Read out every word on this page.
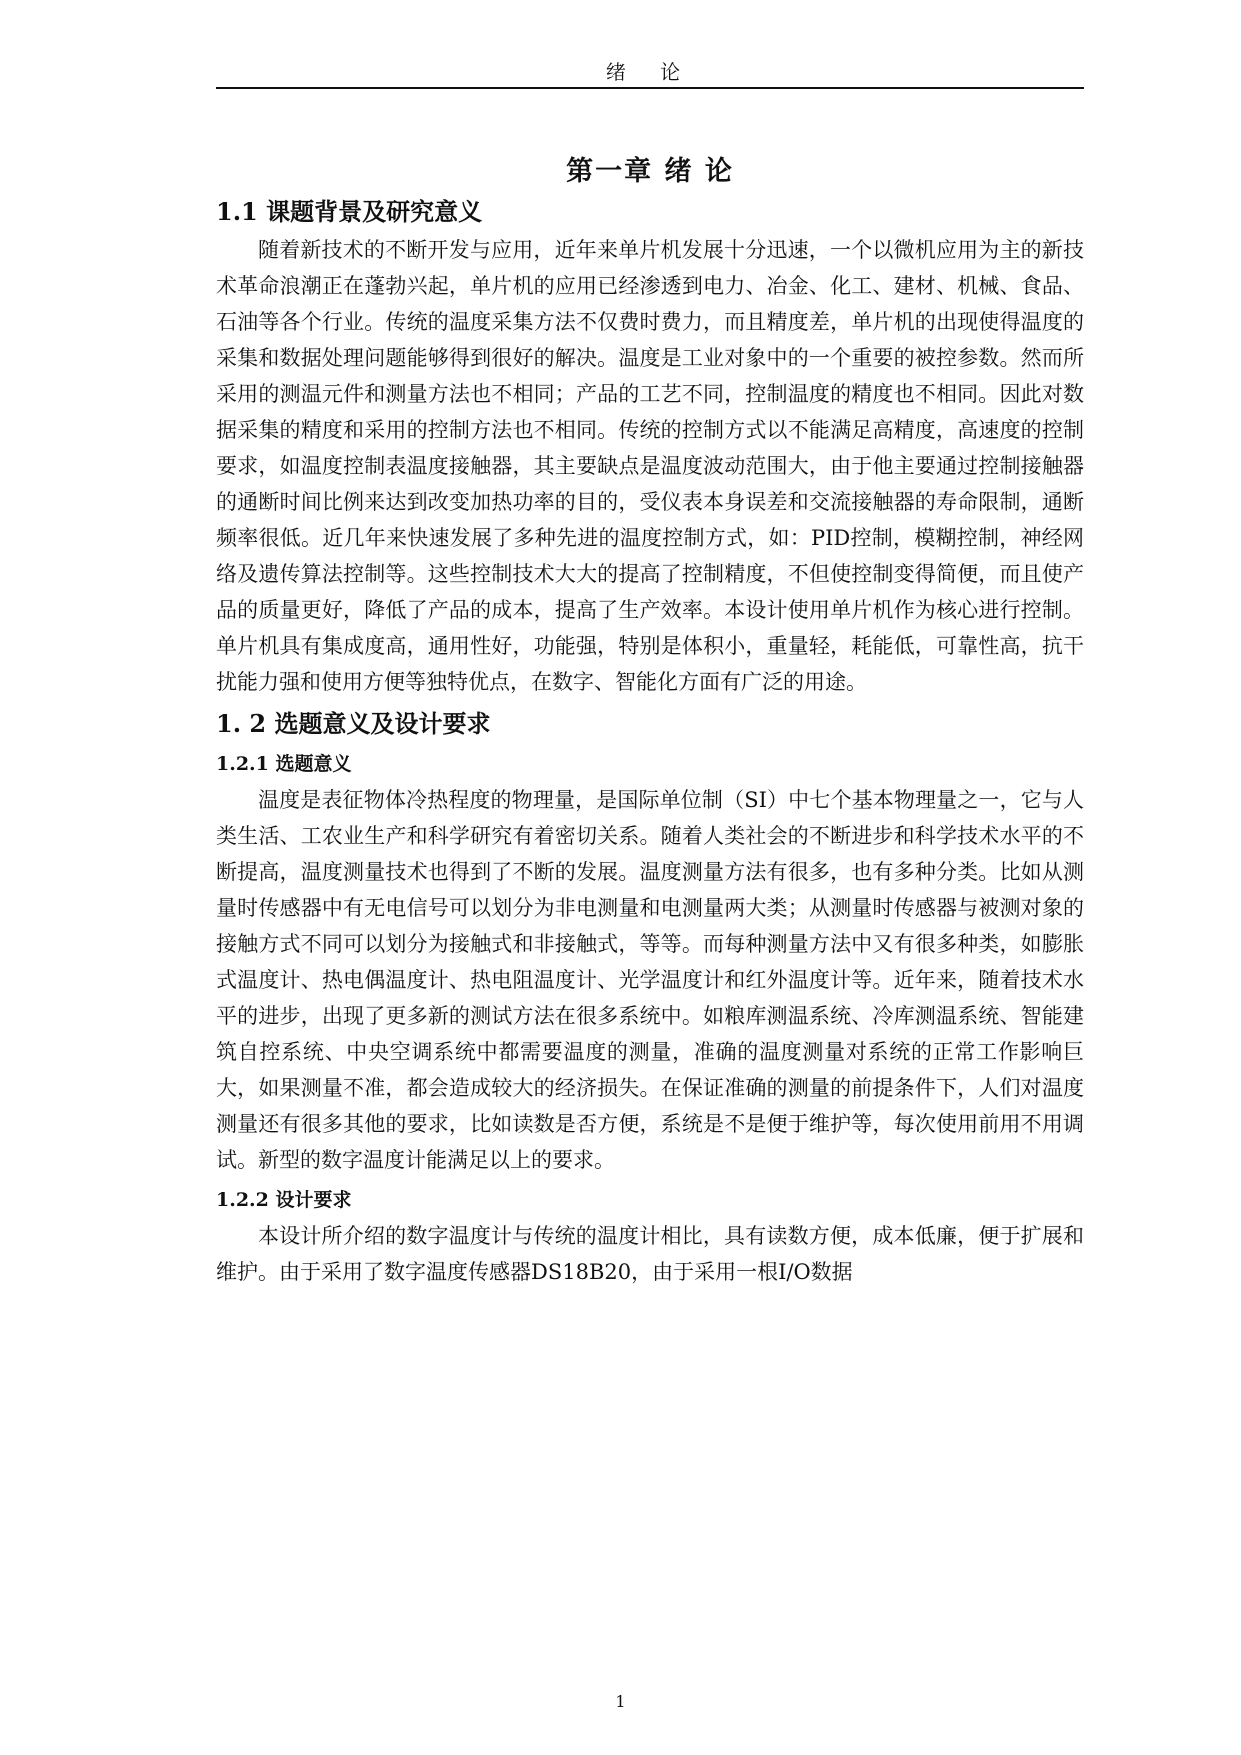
绪 论
第一章 绪 论
1.1 课题背景及研究意义

随着新技术的不断开发与应用，近年来单片机发展十分迅速，一个以微机应用为主的新技术革命浪潮正在蓬勃兴起，单片机的应用已经渗透到电力、冶金、化工、建材、机械、食品、石油等各个行业。传统的温度采集方法不仅费时费力，而且精度差，单片机的出现使得温度的采集和数据处理问题能够得到很好的解决。温度是工业对象中的一个重要的被控参数。然而所采用的测温元件和测量方法也不相同；产品的工艺不同，控制温度的精度也不相同。因此对数据采集的精度和采用的控制方法也不相同。传统的控制方式以不能满足高精度，高速度的控制要求，如温度控制表温度接触器，其主要缺点是温度波动范围大，由于他主要通过控制接触器的通断时间比例来达到改变加热功率的目的，受仪表本身误差和交流接触器的寿命限制，通断频率很低。近几年来快速发展了多种先进的温度控制方式，如：PID控制，模糊控制，神经网络及遗传算法控制等。这些控制技术大大的提高了控制精度，不但使控制变得简便，而且使产品的质量更好，降低了产品的成本，提高了生产效率。本设计使用单片机作为核心进行控制。单片机具有集成度高，通用性好，功能强，特别是体积小，重量轻，耗能低，可靠性高，抗干扰能力强和使用方便等独特优点，在数字、智能化方面有广泛的用途。

1. 2 选题意义及设计要求
1.2.1 选题意义

温度是表征物体冷热程度的物理量，是国际单位制（SI）中七个基本物理量之一，它与人类生活、工农业生产和科学研究有着密切关系。随着人类社会的不断进步和科学技术水平的不断提高，温度测量技术也得到了不断的发展。温度测量方法有很多，也有多种分类。比如从测量时传感器中有无电信号可以划分为非电测量和电测量两大类；从测量时传感器与被测对象的接触方式不同可以划分为接触式和非接触式，等等。而每种测量方法中又有很多种类，如膨胀式温度计、热电偶温度计、热电阻温度计、光学温度计和红外温度计等。近年来，随着技术水平的进步，出现了更多新的测试方法在很多系统中。如粮库测温系统、冷库测温系统、智能建筑自控系统、中央空调系统中都需要温度的测量，准确的温度测量对系统的正常工作影响巨大，如果测量不准，都会造成较大的经济损失。在保证准确的测量的前提条件下，人们对温度测量还有很多其他的要求，比如读数是否方便，系统是不是便于维护等，每次使用前用不用调试。新型的数字温度计能满足以上的要求。

1.2.2 设计要求

本设计所介绍的数字温度计与传统的温度计相比，具有读数方便，成本低廉，便于扩展和维护。由于采用了数字温度传感器DS18B20，由于采用一根I/O数据

1
